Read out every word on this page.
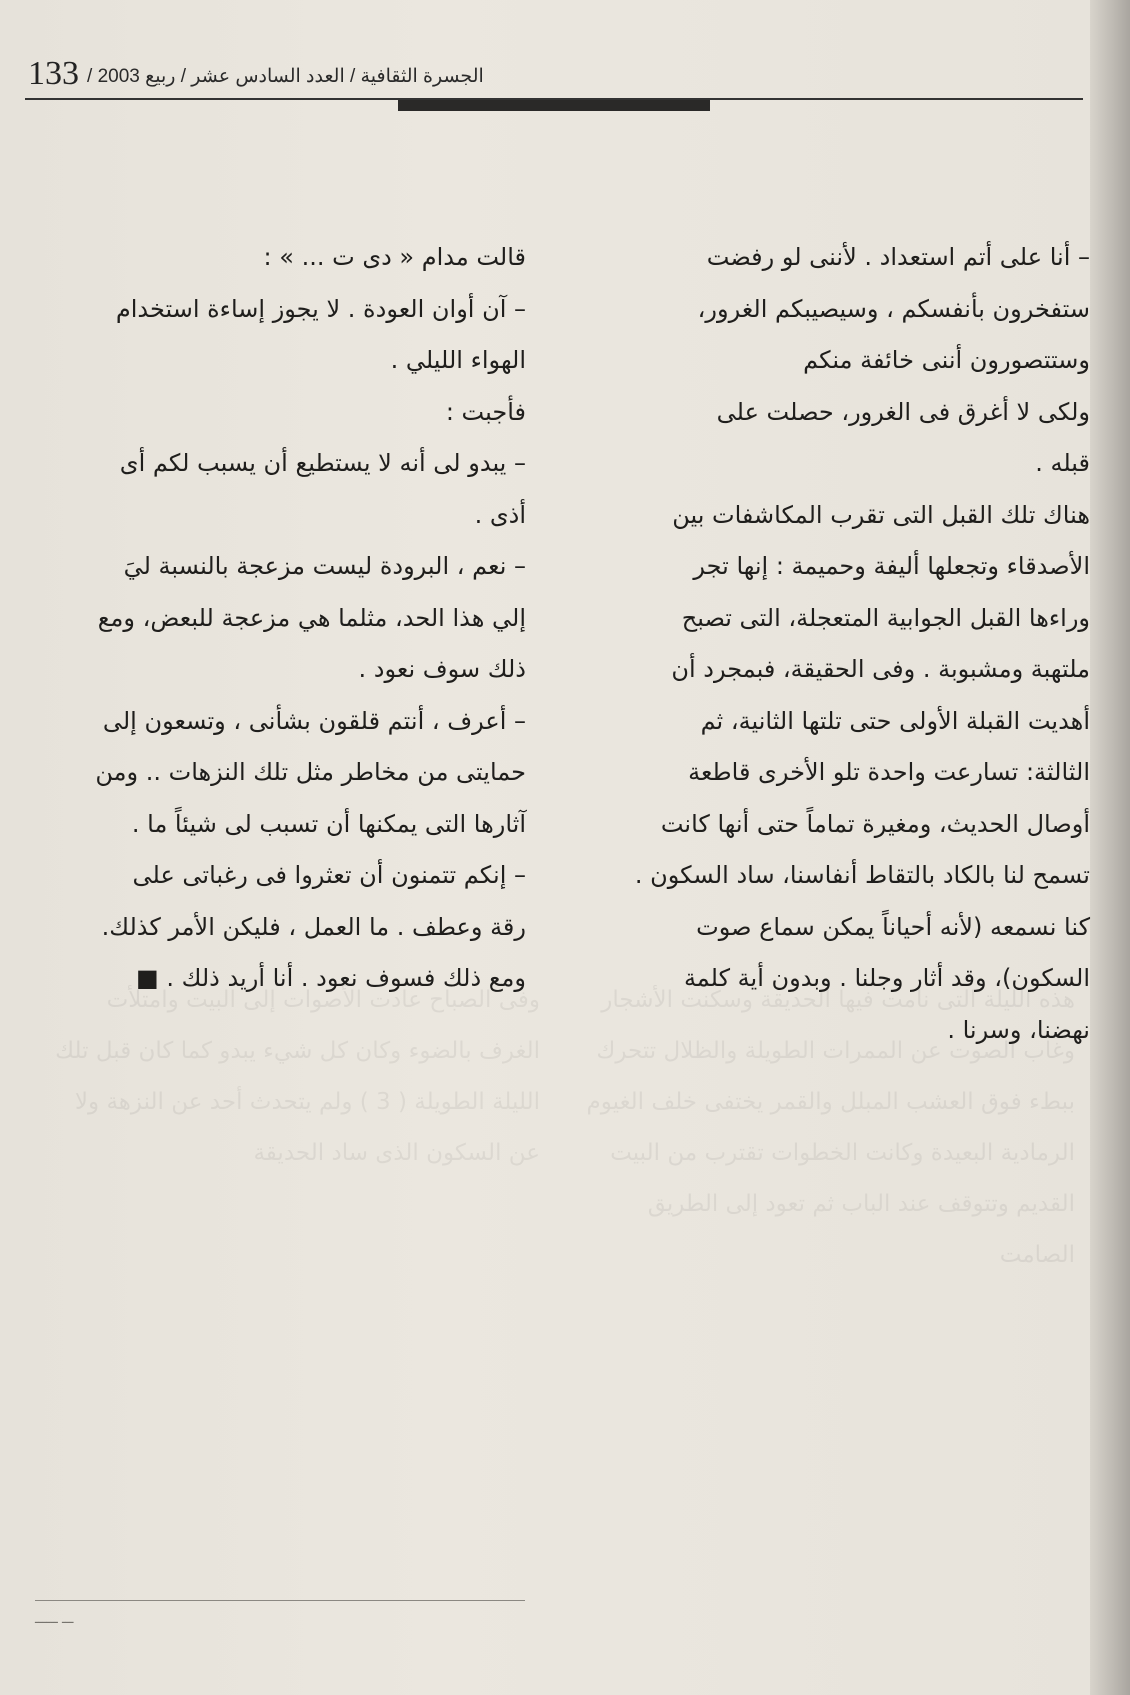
133 الجسرة الثقافية / العدد السادس عشر / ربيع 2003 /
هذه الليلة التى نامت فيها الحديقة وسكنت الأشجار وغاب الصوت عن الممرات الطويلة والظلال تتحرك ببطء فوق العشب المبلل والقمر يختفى خلف الغيوم الرمادية البعيدة وكانت الخطوات تقترب من البيت القديم وتتوقف عند الباب ثم تعود إلى الطريق الصامت
وفى الصباح عادت الأصوات إلى البيت وامتلأت الغرف بالضوء وكان كل شيء يبدو كما كان قبل تلك الليلة الطويلة ( 3 ) ولم يتحدث أحد عن النزهة ولا عن السكون الذى ساد الحديقة

– أنا على أتم استعداد . لأننى لو رفضت

ستفخرون بأنفسكم ، وسيصيبكم الغرور،

وستتصورون أننى خائفة منكم

ولكى لا أغرق فى الغرور، حصلت على

قبله .

هناك تلك القبل التى تقرب المكاشفات بين

الأصدقاء وتجعلها أليفة وحميمة : إنها تجر

وراءها القبل الجوابية المتعجلة، التى تصبح

ملتهبة ومشبوبة . وفى الحقيقة، فبمجرد أن

أهديت القبلة الأولى حتى تلتها الثانية، ثم

الثالثة: تسارعت واحدة تلو الأخرى قاطعة

أوصال الحديث، ومغيرة تماماً حتى أنها كانت

تسمح لنا بالكاد بالتقاط أنفاسنا، ساد السكون .

كنا نسمعه (لأنه أحياناً يمكن سماع صوت

السكون)، وقد أثار وجلنا . وبدون أية كلمة

نهضنا، وسرنا .

قالت مدام « دى ت ... » :

– آن أوان العودة . لا يجوز إساءة استخدام

الهواء الليلي .

فأجبت :

– يبدو لى أنه لا يستطيع أن يسبب لكم أى

أذى .

– نعم ، البرودة ليست مزعجة بالنسبة ليَ

إلي هذا الحد، مثلما هي مزعجة للبعض، ومع

ذلك سوف نعود .

– أعرف ، أنتم قلقون بشأنى ، وتسعون إلى

حمايتى من مخاطر مثل تلك النزهات .. ومن

آثارها التى يمكنها أن تسبب لى شيئاً ما .

– إنكم تتمنون أن تعثروا فى رغباتى على

رقة وعطف . ما العمل ، فليكن الأمر كذلك.

ومع ذلك فسوف نعود . أنا أريد ذلك . ■

ـــ ــــــ
